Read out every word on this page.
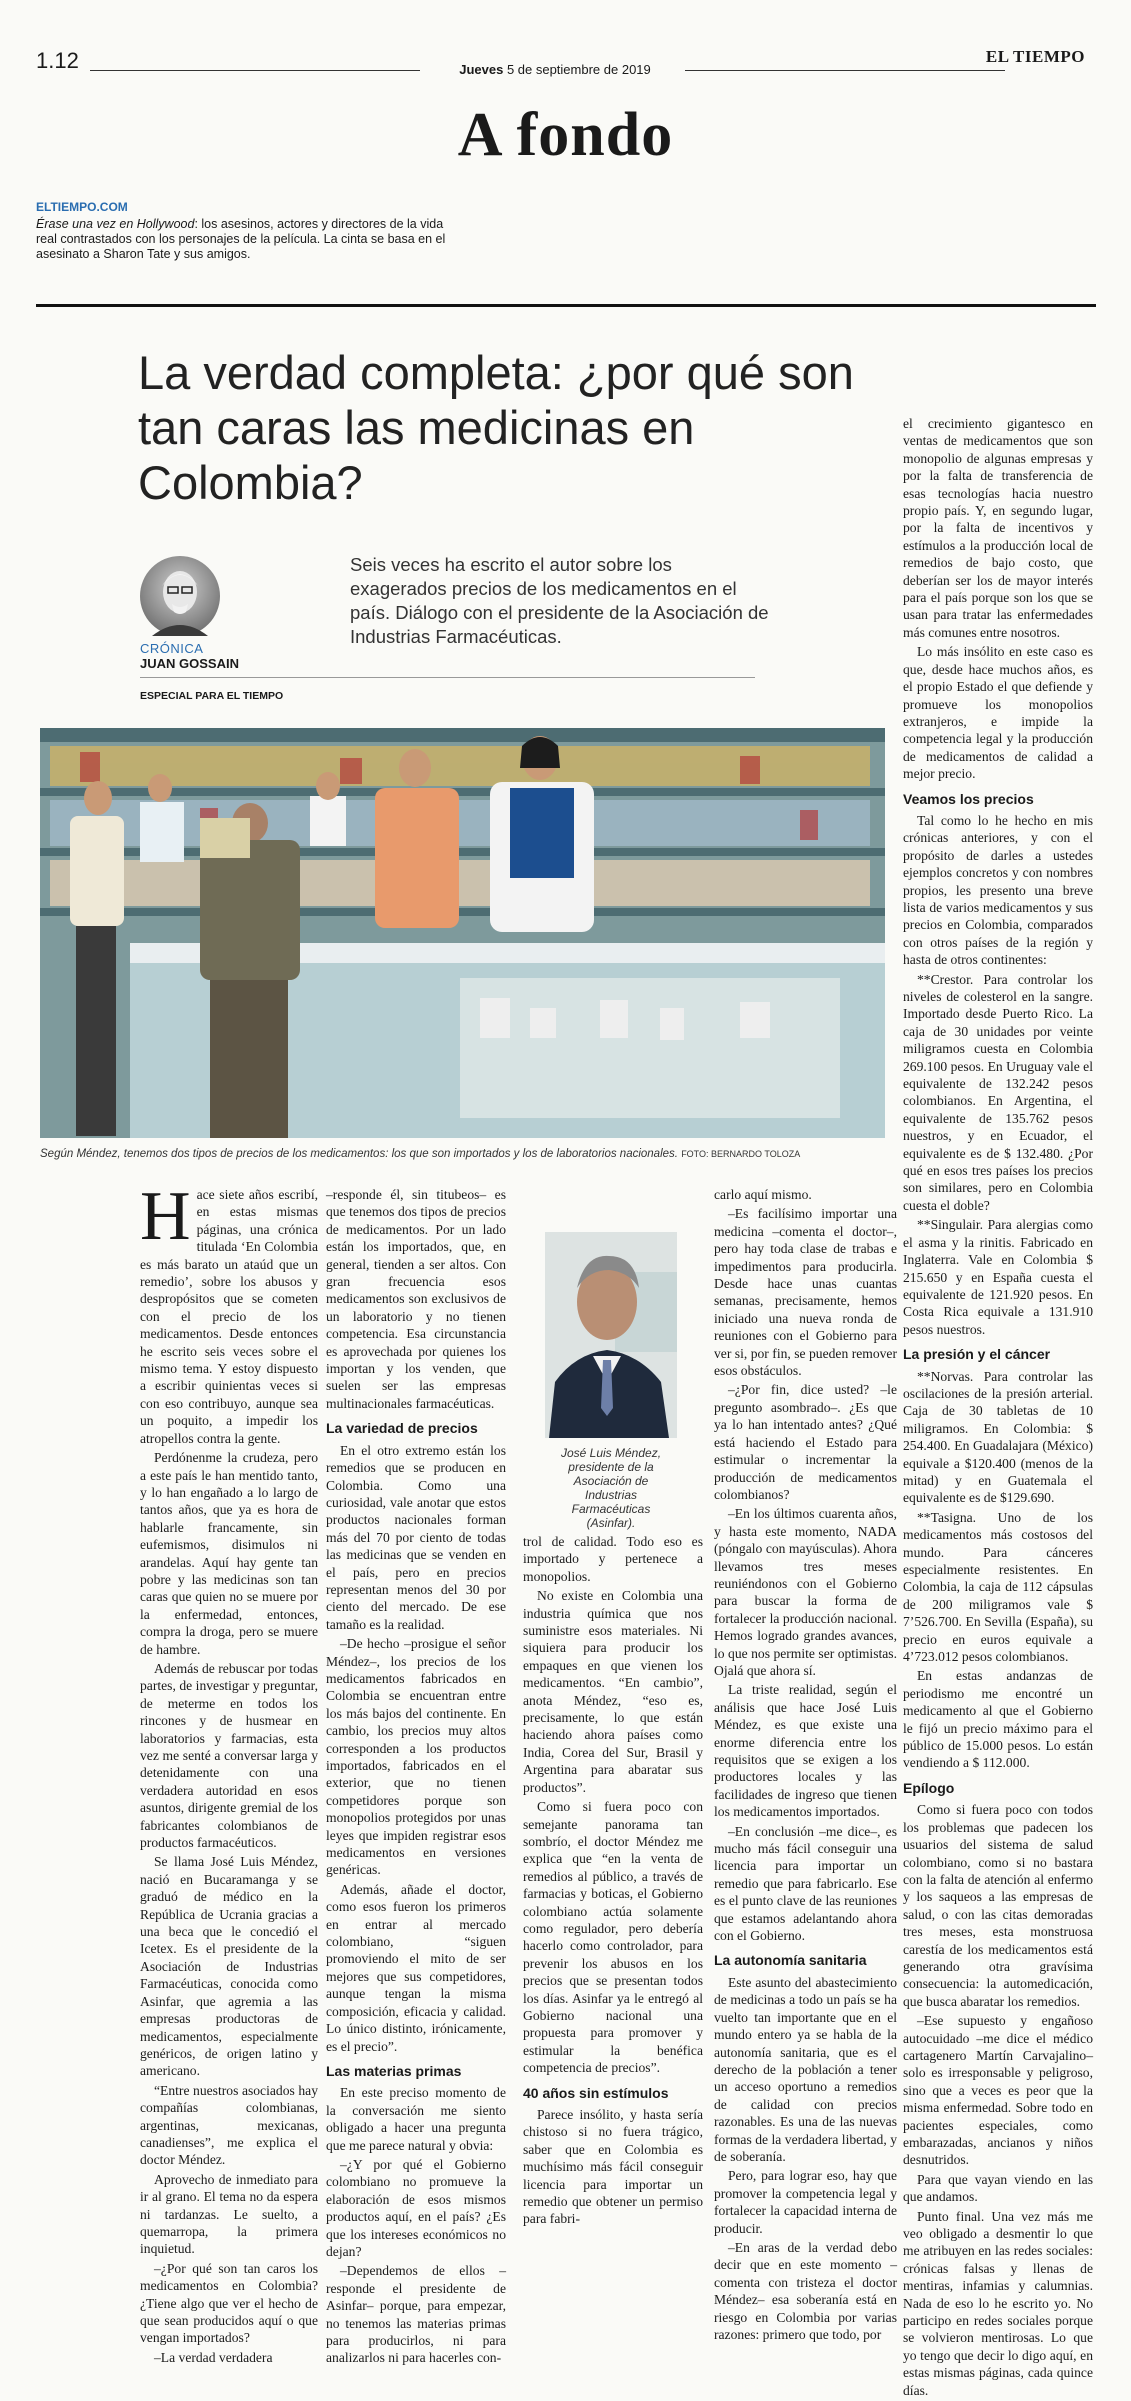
1.12	Jueves 5 de septiembre de 2019
EL TIEMPO
A fondo
ELTIEMPO.COM
Érase una vez en Hollywood: los asesinos, actores y directores de la vida real contrastados con los personajes de la película. La cinta se basa en el asesinato a Sharon Tate y sus amigos.
La verdad completa: ¿por qué son tan caras las medicinas en Colombia?
Seis veces ha escrito el autor sobre los exagerados precios de los medicamentos en el país. Diálogo con el presidente de la Asociación de Industrias Farmacéuticas.
CRÓNICA
JUAN GOSSAIN
ESPECIAL PARA EL TIEMPO

el crecimiento gigantesco en ventas de medicamentos que son monopolio de algunas empresas y por la falta de transferencia de esas tecnologías hacia nuestro propio país. Y, en segundo lugar, por la falta de incentivos y estímulos a la producción local de remedios de bajo costo, que deberían ser los de mayor interés para el país porque son los que se usan para tratar las enfermedades más comunes entre nosotros.

Lo más insólito en este caso es que, desde hace muchos años, es el propio Estado el que defiende y promueve los monopolios extranjeros, e impide la competencia legal y la producción de medicamentos de calidad a mejor precio.

Veamos los precios

Tal como lo he hecho en mis crónicas anteriores, y con el propósito de darles a ustedes ejemplos concretos y con nombres propios, les presento una breve lista de varios medicamentos y sus precios en Colombia, comparados con otros países de la región y hasta de otros continentes:

**Crestor. Para controlar los niveles de colesterol en la sangre. Importado desde Puerto Rico. La caja de 30 unidades por veinte miligramos cuesta en Colombia 269.100 pesos. En Uruguay vale el equivalente de 132.242 pesos colombianos. En Argentina, el equivalente de 135.762 pesos nuestros, y en Ecuador, el equivalente es de $ 132.480. ¿Por qué en esos tres países los precios son similares, pero en Colombia cuesta el doble?

**Singulair. Para alergias como el asma y la rinitis. Fabricado en Inglaterra. Vale en Colombia $ 215.650 y en España cuesta el equivalente de 121.920 pesos. En Costa Rica equivale a 131.910 pesos nuestros.

La presión y el cáncer

**Norvas. Para controlar las oscilaciones de la presión arterial. Caja de 30 tabletas de 10 miligramos. En Colombia: $ 254.400. En Guadalajara (México) equivale a $120.400 (menos de la mitad) y en Guatemala el equivalente es de $129.690.

**Tasigna. Uno de los medicamentos más costosos del mundo. Para cánceres especialmente resistentes. En Colombia, la caja de 112 cápsulas de 200 miligramos vale $ 7’526.700. En Sevilla (España), su precio en euros equivale a 4’723.012 pesos colombianos.

En estas andanzas de periodismo me encontré un medicamento al que el Gobierno le fijó un precio máximo para el público de 15.000 pesos. Lo están vendiendo a $ 112.000.

Epílogo

Como si fuera poco con todos los problemas que padecen los usuarios del sistema de salud colombiano, como si no bastara con la falta de atención al enfermo y los saqueos a las empresas de salud, o con las citas demoradas tres meses, esta monstruosa carestía de los medicamentos está generando otra gravísima consecuencia: la automedicación, que busca abaratar los remedios.

–Ese supuesto y engañoso autocuidado –me dice el médico cartagenero Martín Carvajalino– solo es irresponsable y peligroso, sino que a veces es peor que la misma enfermedad. Sobre todo en pacientes especiales, como embarazadas, ancianos y niños desnutridos.

Para que vayan viendo en las que andamos.

Punto final. Una vez más me veo obligado a desmentir lo que me atribuyen en las redes sociales: crónicas falsas y llenas de mentiras, infamias y calumnias. Nada de eso lo he escrito yo. No participo en redes sociales porque se volvieron mentirosas. Lo que yo tengo que decir lo digo aquí, en estas mismas páginas, cada quince días.

Según Méndez, tenemos dos tipos de precios de los medicamentos: los que son importados y los de laboratorios nacionales. FOTO: BERNARDO TOLOZA

Hace siete años escribí, en estas mismas páginas, una crónica titulada ‘En Colombia es más barato un ataúd que un remedio’, sobre los abusos y despropósitos que se cometen con el precio de los medicamentos. Desde entonces he escrito seis veces sobre el mismo tema. Y estoy dispuesto a escribir quinientas veces si con eso contribuyo, aunque sea un poquito, a impedir los atropellos contra la gente.

Perdónenme la crudeza, pero a este país le han mentido tanto, y lo han engañado a lo largo de tantos años, que ya es hora de hablarle francamente, sin eufemismos, disimulos ni arandelas. Aquí hay gente tan pobre y las medicinas son tan caras que quien no se muere por la enfermedad, entonces, compra la droga, pero se muere de hambre.

Además de rebuscar por todas partes, de investigar y preguntar, de meterme en todos los rincones y de husmear en laboratorios y farmacias, esta vez me senté a conversar larga y detenidamente con una verdadera autoridad en esos asuntos, dirigente gremial de los fabricantes colombianos de productos farmacéuticos.

Se llama José Luis Méndez, nació en Bucaramanga y se graduó de médico en la República de Ucrania gracias a una beca que le concedió el Icetex. Es el presidente de la Asociación de Industrias Farmacéuticas, conocida como Asinfar, que agremia a las empresas productoras de medicamentos, especialmente genéricos, de origen latino y americano.

“Entre nuestros asociados hay compañías colombianas, argentinas, mexicanas, canadienses”, me explica el doctor Méndez.

Aprovecho de inmediato para ir al grano. El tema no da espera ni tardanzas. Le suelto, a quemarropa, la primera inquietud.

–¿Por qué son tan caros los medicamentos en Colombia? ¿Tiene algo que ver el hecho de que sean producidos aquí o que vengan importados?

–La verdad verdadera

–responde él, sin titubeos– es que tenemos dos tipos de precios de medicamentos. Por un lado están los importados, que, en general, tienden a ser altos. Con gran frecuencia esos medicamentos son exclusivos de un laboratorio y no tienen competencia. Esa circunstancia es aprovechada por quienes los importan y los venden, que suelen ser las empresas multinacionales farmacéuticas.

La variedad de precios

En el otro extremo están los remedios que se producen en Colombia. Como una curiosidad, vale anotar que estos productos nacionales forman más del 70 por ciento de todas las medicinas que se venden en el país, pero en precios representan menos del 30 por ciento del mercado. De ese tamaño es la realidad.

–De hecho –prosigue el señor Méndez–, los precios de los medicamentos fabricados en Colombia se encuentran entre los más bajos del continente. En cambio, los precios muy altos corresponden a los productos importados, fabricados en el exterior, que no tienen competidores porque son monopolios protegidos por unas leyes que impiden registrar esos medicamentos en versiones genéricas.

Además, añade el doctor, como esos fueron los primeros en entrar al mercado colombiano, “siguen promoviendo el mito de ser mejores que sus competidores, aunque tengan la misma composición, eficacia y calidad. Lo único distinto, irónicamente, es el precio”.

Las materias primas

En este preciso momento de la conversación me siento obligado a hacer una pregunta que me parece natural y obvia:

–¿Y por qué el Gobierno colombiano no promueve la elaboración de esos mismos productos aquí, en el país? ¿Es que los intereses económicos no dejan?

–Dependemos de ellos –responde el presidente de Asinfar– porque, para empezar, no tenemos las materias primas para producirlos, ni para analizarlos ni para hacerles con-

José Luis Méndez, presidente de la Asociación de Industrias Farmacéuticas (Asinfar).

trol de calidad. Todo eso es importado y pertenece a monopolios.

No existe en Colombia una industria química que nos suministre esos materiales. Ni siquiera para producir los empaques en que vienen los medicamentos. “En cambio”, anota Méndez, “eso es, precisamente, lo que están haciendo ahora países como India, Corea del Sur, Brasil y Argentina para abaratar sus productos”.

Como si fuera poco con semejante panorama tan sombrío, el doctor Méndez me explica que “en la venta de remedios al público, a través de farmacias y boticas, el Gobierno colombiano actúa solamente como regulador, pero debería hacerlo como controlador, para prevenir los abusos en los precios que se presentan todos los días. Asinfar ya le entregó al Gobierno nacional una propuesta para promover y estimular la benéfica competencia de precios”.

40 años sin estímulos

Parece insólito, y hasta sería chistoso si no fuera trágico, saber que en Colombia es muchísimo más fácil conseguir licencia para importar un remedio que obtener un permiso para fabri-

carlo aquí mismo.

–Es facilísimo importar una medicina –comenta el doctor–, pero hay toda clase de trabas e impedimentos para producirla. Desde hace unas cuantas semanas, precisamente, hemos iniciado una nueva ronda de reuniones con el Gobierno para ver si, por fin, se pueden remover esos obstáculos.

–¿Por fin, dice usted? –le pregunto asombrado–. ¿Es que ya lo han intentado antes? ¿Qué está haciendo el Estado para estimular o incrementar la producción de medicamentos colombianos?

–En los últimos cuarenta años, y hasta este momento, NADA (póngalo con mayúsculas). Ahora llevamos tres meses reuniéndonos con el Gobierno para buscar la forma de fortalecer la producción nacional. Hemos logrado grandes avances, lo que nos permite ser optimistas. Ojalá que ahora sí.

La triste realidad, según el análisis que hace José Luis Méndez, es que existe una enorme diferencia entre los requisitos que se exigen a los productores locales y las facilidades de ingreso que tienen los medicamentos importados.

–En conclusión –me dice–, es mucho más fácil conseguir una licencia para importar un remedio que para fabricarlo. Ese es el punto clave de las reuniones que estamos adelantando ahora con el Gobierno.

La autonomía sanitaria

Este asunto del abastecimiento de medicinas a todo un país se ha vuelto tan importante que en el mundo entero ya se habla de la autonomía sanitaria, que es el derecho de la población a tener un acceso oportuno a remedios de calidad con precios razonables. Es una de las nuevas formas de la verdadera libertad, y de soberanía.

Pero, para lograr eso, hay que promover la competencia legal y fortalecer la capacidad interna de producir.

–En aras de la verdad debo decir que en este momento –comenta con tristeza el doctor Méndez– esa soberanía está en riesgo en Colombia por varias razones: primero que todo, por
